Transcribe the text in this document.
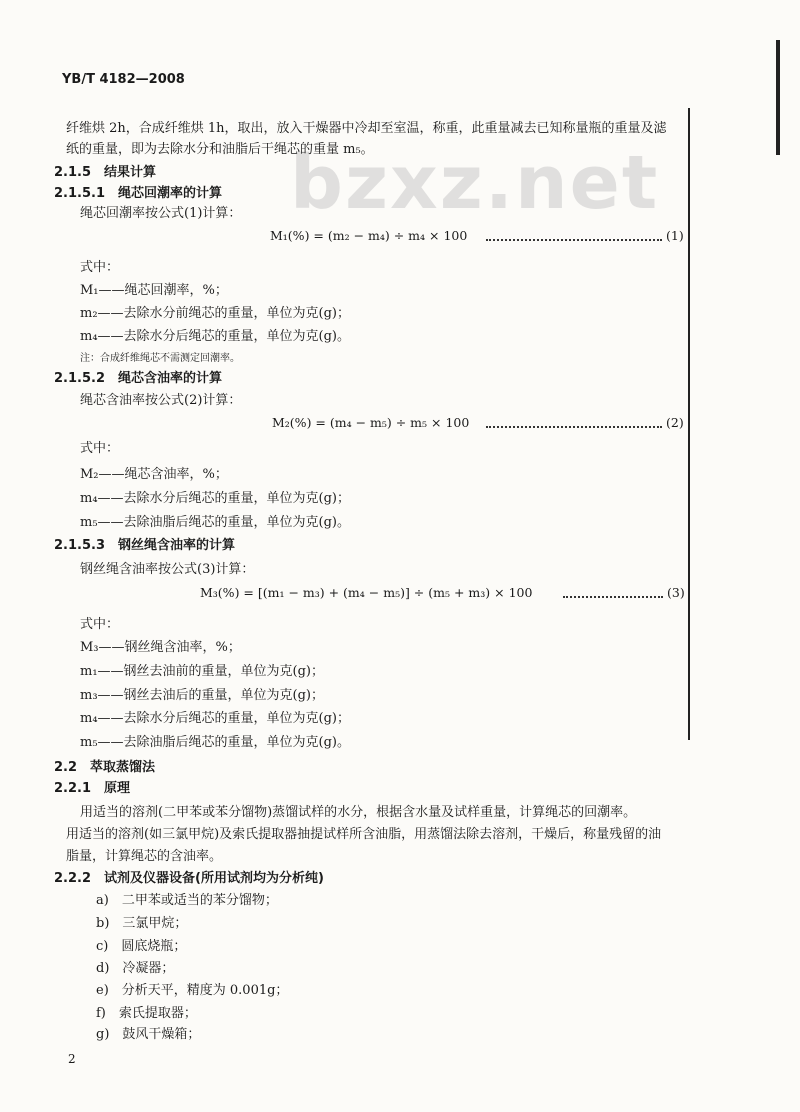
YB/T 4182—2008
bzxz.net
纤维烘 2h，合成纤维烘 1h，取出，放入干燥器中冷却至室温，称重，此重量减去已知称量瓶的重量及滤
纸的重量，即为去除水分和油脂后干绳芯的重量 m₅。
2.1.5　结果计算
2.1.5.1　绳芯回潮率的计算
绳芯回潮率按公式(1)计算：
M₁(%) = (m₂ − m₄) ÷ m₄ × 100	(1)
式中：
M₁——绳芯回潮率，%；
m₂——去除水分前绳芯的重量，单位为克(g)；
m₄——去除水分后绳芯的重量，单位为克(g)。
注：合成纤维绳芯不需测定回潮率。
2.1.5.2　绳芯含油率的计算
绳芯含油率按公式(2)计算：
M₂(%) = (m₄ − m₅) ÷ m₅ × 100	(2)
式中：
M₂——绳芯含油率，%；
m₄——去除水分后绳芯的重量，单位为克(g)；
m₅——去除油脂后绳芯的重量，单位为克(g)。
2.1.5.3　钢丝绳含油率的计算
钢丝绳含油率按公式(3)计算：
M₃(%) = [(m₁ − m₃) + (m₄ − m₅)] ÷ (m₅ + m₃) × 100	(3)
式中：
M₃——钢丝绳含油率，%；
m₁——钢丝去油前的重量，单位为克(g)；
m₃——钢丝去油后的重量，单位为克(g)；
m₄——去除水分后绳芯的重量，单位为克(g)；
m₅——去除油脂后绳芯的重量，单位为克(g)。
2.2　萃取蒸馏法
2.2.1　原理
用适当的溶剂(二甲苯或苯分馏物)蒸馏试样的水分，根据含水量及试样重量，计算绳芯的回潮率。
用适当的溶剂(如三氯甲烷)及索氏提取器抽提试样所含油脂，用蒸馏法除去溶剂，干燥后，称量残留的油
脂量，计算绳芯的含油率。
2.2.2　试剂及仪器设备(所用试剂均为分析纯)
a)　二甲苯或适当的苯分馏物；
b)　三氯甲烷；
c)　圆底烧瓶；
d)　冷凝器；
e)　分析天平，精度为 0.001g；
f)　索氏提取器；
g)　鼓风干燥箱；
2
